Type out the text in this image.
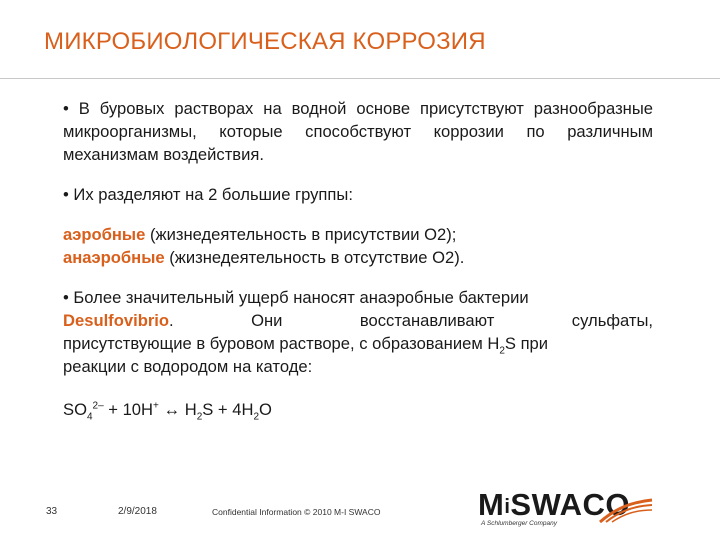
МИКРОБИОЛОГИЧЕСКАЯ КОРРОЗИЯ

• В буровых растворах на водной основе присутствуют разнообразные микроорганизмы, которые способствуют коррозии по различным механизмам воздействия.

• Их разделяют на 2 большие группы:

аэробные (жизнедеятельность в присутствии О2);
анаэробные (жизнедеятельность в отсутствие О2).

• Более значительный ущерб наносят анаэробные бактерии
Desulfovibrio.	Они	восстанавливают	сульфаты,
присутствующие в буровом растворе, с образованием $H_2S$ при
реакции с водородом на катоде:
$SO_4^{2-} + 10H^+$ ↔ $H_2S + 4H_2O$
33	2/9/2018	Confidential Information © 2010 M-I SWACO	MiSWACO
A Schlumberger Company
